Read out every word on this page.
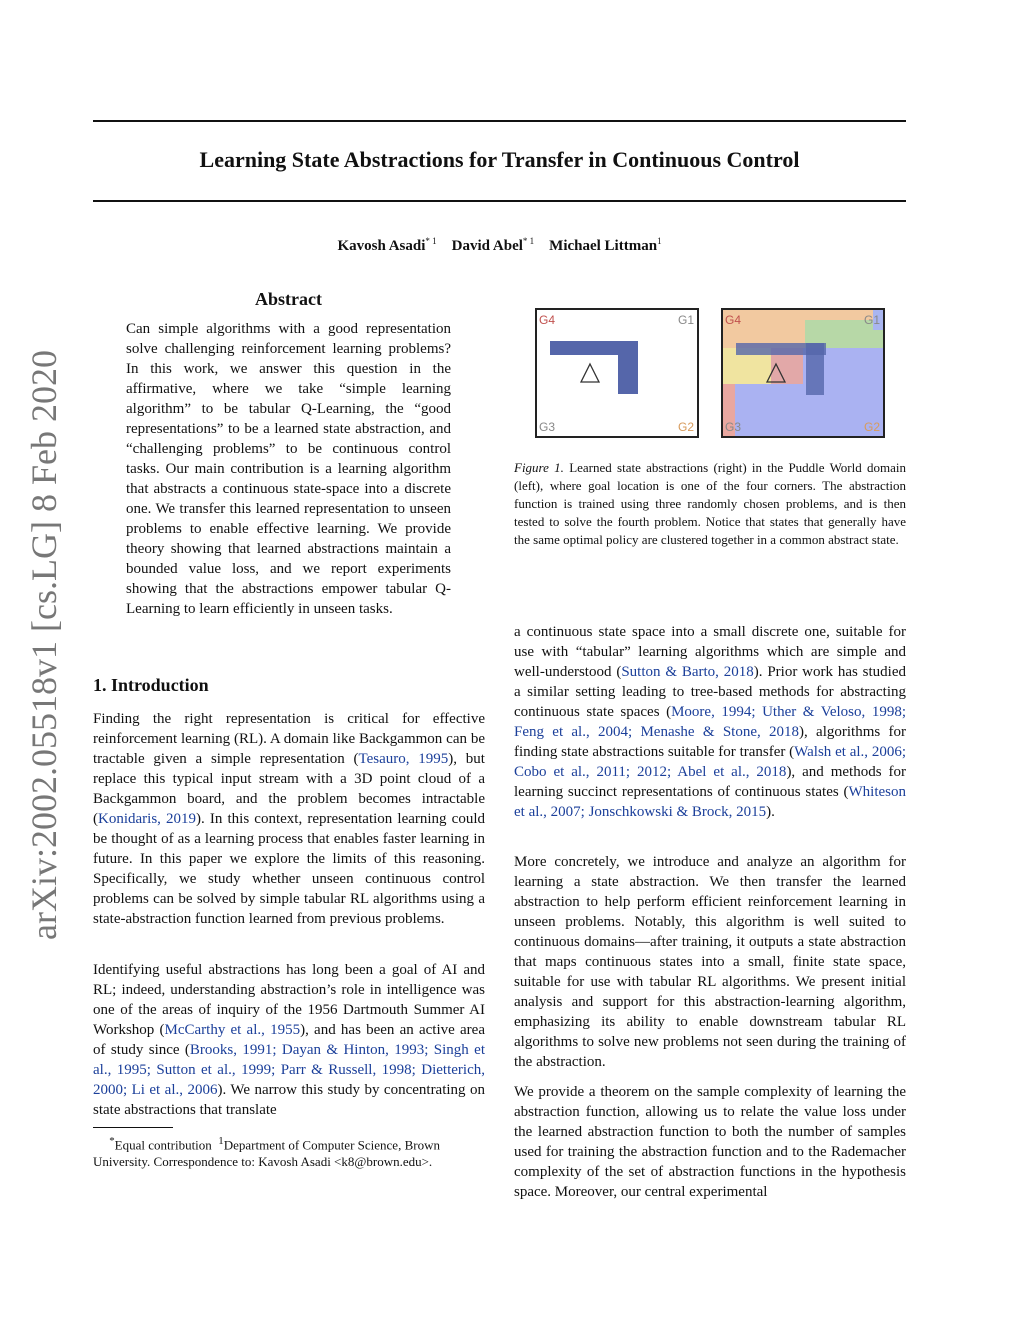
arXiv:2002.05518v1 [cs.LG] 8 Feb 2020
Learning State Abstractions for Transfer in Continuous Control
Kavosh Asadi$^{* 1}$ David Abel$^{* 1}$ Michael Littman$^1$
Abstract
Can simple algorithms with a good representation solve challenging reinforcement learning problems? In this work, we answer this question in the affirmative, where we take “simple learning algorithm” to be tabular Q-Learning, the “good representations” to be a learned state abstraction, and “challenging problems” to be continuous control tasks. Our main contribution is a learning algorithm that abstracts a continuous state-space into a discrete one. We transfer this learned representation to unseen problems to enable effective learning. We provide theory showing that learned abstractions maintain a bounded value loss, and we report experiments showing that the abstractions empower tabular Q-Learning to learn efficiently in unseen tasks.
1. Introduction
Finding the right representation is critical for effective reinforcement learning (RL). A domain like Backgammon can be tractable given a simple representation (Tesauro, 1995), but replace this typical input stream with a 3D point cloud of a Backgammon board, and the problem becomes intractable (Konidaris, 2019). In this context, representation learning could be thought of as a learning process that enables faster learning in future. In this paper we explore the limits of this reasoning. Specifically, we study whether unseen continuous control problems can be solved by simple tabular RL algorithms using a state-abstraction function learned from previous problems.
Identifying useful abstractions has long been a goal of AI and RL; indeed, understanding abstraction’s role in intelligence was one of the areas of inquiry of the 1956 Dartmouth Summer AI Workshop (McCarthy et al., 1955), and has been an active area of study since (Brooks, 1991; Dayan & Hinton, 1993; Singh et al., 1995; Sutton et al., 1999; Parr & Russell, 1998; Dietterich, 2000; Li et al., 2006). We narrow this study by concentrating on state abstractions that translate
*Equal contribution $^1$Department of Computer Science, Brown University. Correspondence to: Kavosh Asadi <k8@brown.edu>.
G4	G1
G3	G2
G4	G1
G3	G2
Figure 1. Learned state abstractions (right) in the Puddle World domain (left), where goal location is one of the four corners. The abstraction function is trained using three randomly chosen problems, and is then tested to solve the fourth problem. Notice that states that generally have the same optimal policy are clustered together in a common abstract state.
a continuous state space into a small discrete one, suitable for use with “tabular” learning algorithms which are simple and well-understood (Sutton & Barto, 2018). Prior work has studied a similar setting leading to tree-based methods for abstracting continuous state spaces (Moore, 1994; Uther & Veloso, 1998; Feng et al., 2004; Menashe & Stone, 2018), algorithms for finding state abstractions suitable for transfer (Walsh et al., 2006; Cobo et al., 2011; 2012; Abel et al., 2018), and methods for learning succinct representations of continuous states (Whiteson et al., 2007; Jonschkowski & Brock, 2015).
More concretely, we introduce and analyze an algorithm for learning a state abstraction. We then transfer the learned abstraction to help perform efficient reinforcement learning in unseen problems. Notably, this algorithm is well suited to continuous domains—after training, it outputs a state abstraction that maps continuous states into a small, finite state space, suitable for use with tabular RL algorithms. We present initial analysis and support for this abstraction-learning algorithm, emphasizing its ability to enable downstream tabular RL algorithms to solve new problems not seen during the training of the abstraction.
We provide a theorem on the sample complexity of learning the abstraction function, allowing us to relate the value loss under the learned abstraction function to both the number of samples used for training the abstraction function and to the Rademacher complexity of the set of abstraction functions in the hypothesis space. Moreover, our central experimental
